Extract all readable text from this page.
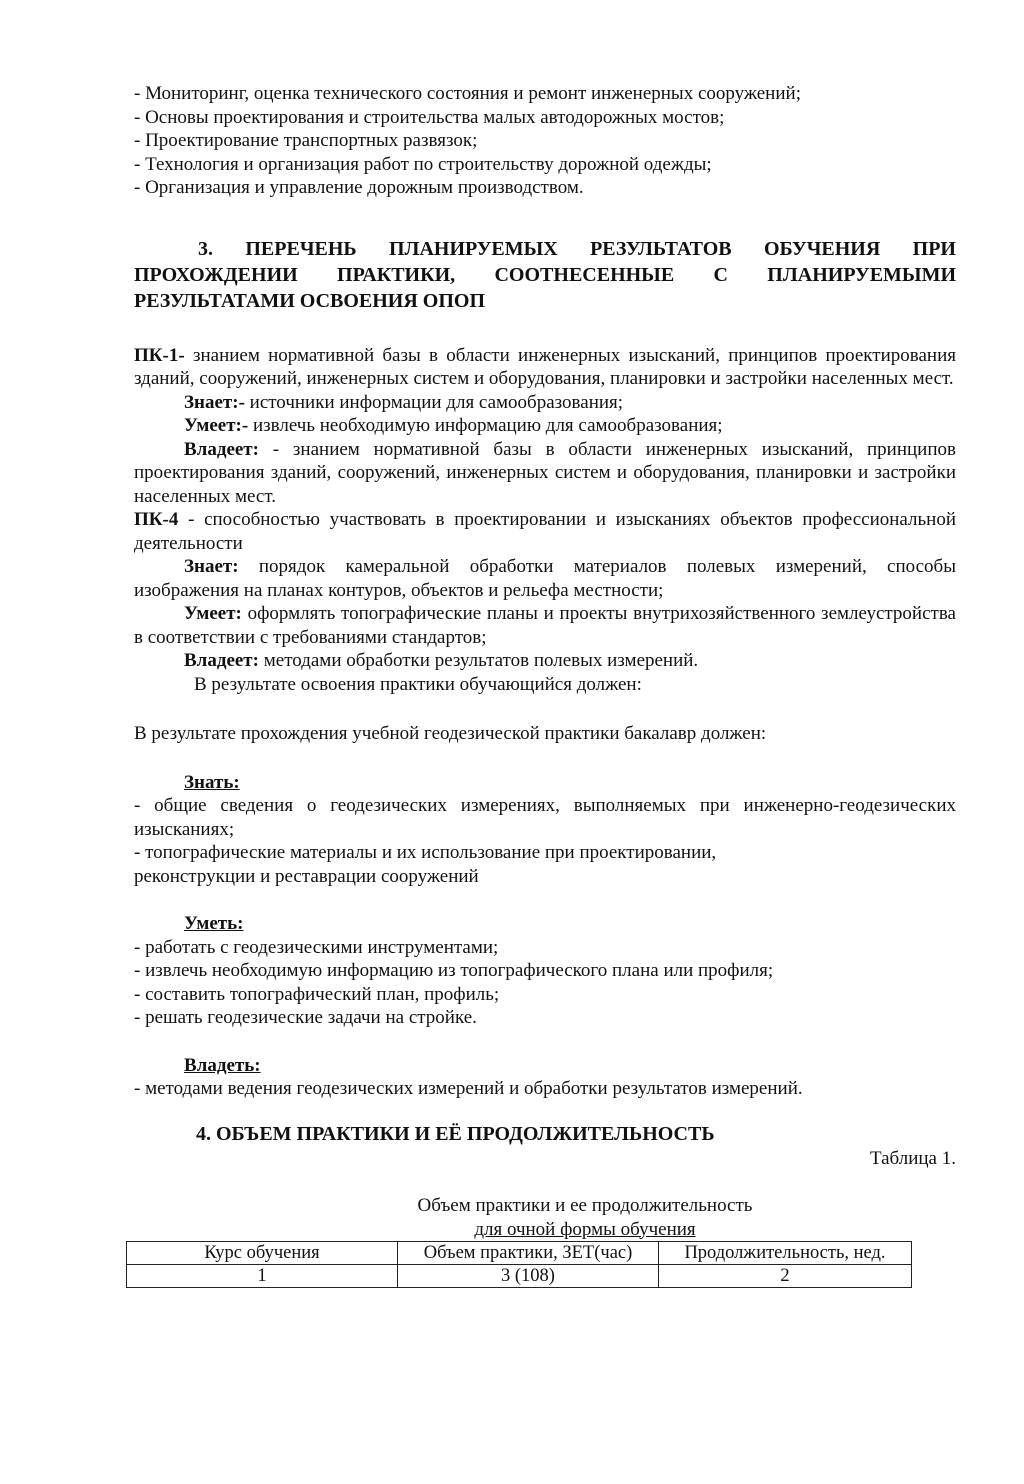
- Мониторинг, оценка технического состояния и ремонт инженерных сооружений;
- Основы проектирования и строительства малых автодорожных мостов;
- Проектирование транспортных развязок;
- Технология и организация работ по строительству дорожной одежды;
- Организация и управление дорожным производством.
3. ПЕРЕЧЕНЬ ПЛАНИРУЕМЫХ РЕЗУЛЬТАТОВ ОБУЧЕНИЯ ПРИ ПРОХОЖДЕНИИ ПРАКТИКИ, СООТНЕСЕННЫЕ С ПЛАНИРУЕМЫМИ РЕЗУЛЬТАТАМИ ОСВОЕНИЯ ОПОП
ПК-1- знанием нормативной базы в области инженерных изысканий, принципов проектирования зданий, сооружений, инженерных систем и оборудования, планировки и застройки населенных мест.
Знает:- источники информации для самообразования;
Умеет:- извлечь необходимую информацию для самообразования;
Владеет: - знанием нормативной базы в области инженерных изысканий, принципов проектирования зданий, сооружений, инженерных систем и оборудования, планировки и застройки населенных мест.
ПК-4 - способностью участвовать в проектировании и изысканиях объектов профессиональной деятельности
Знает: порядок камеральной обработки материалов полевых измерений, способы изображения на планах контуров, объектов и рельефа местности;
Умеет: оформлять топографические планы и проекты внутрихозяйственного землеустройства в соответствии с требованиями стандартов;
Владеет: методами обработки результатов полевых измерений.
В результате освоения практики обучающийся должен:
В результате прохождения учебной геодезической практики бакалавр должен:
Знать:
- общие сведения о геодезических измерениях, выполняемых при инженерно-геодезических изысканиях;
- топографические материалы и их использование при проектировании,
реконструкции и реставрации сооружений
Уметь:
- работать с геодезическими инструментами;
- извлечь необходимую информацию из топографического плана или профиля;
- составить топографический план, профиль;
- решать геодезические задачи на стройке.
Владеть:
- методами ведения геодезических измерений и обработки результатов измерений.
4. ОБЪЕМ ПРАКТИКИ И ЕЁ ПРОДОЛЖИТЕЛЬНОСТЬ
Таблица 1.
Объем практики и ее продолжительность
для очной формы обучения
Курс обучения	Объем практики, ЗЕТ(час)	Продолжительность, нед.
1	3 (108)	2
